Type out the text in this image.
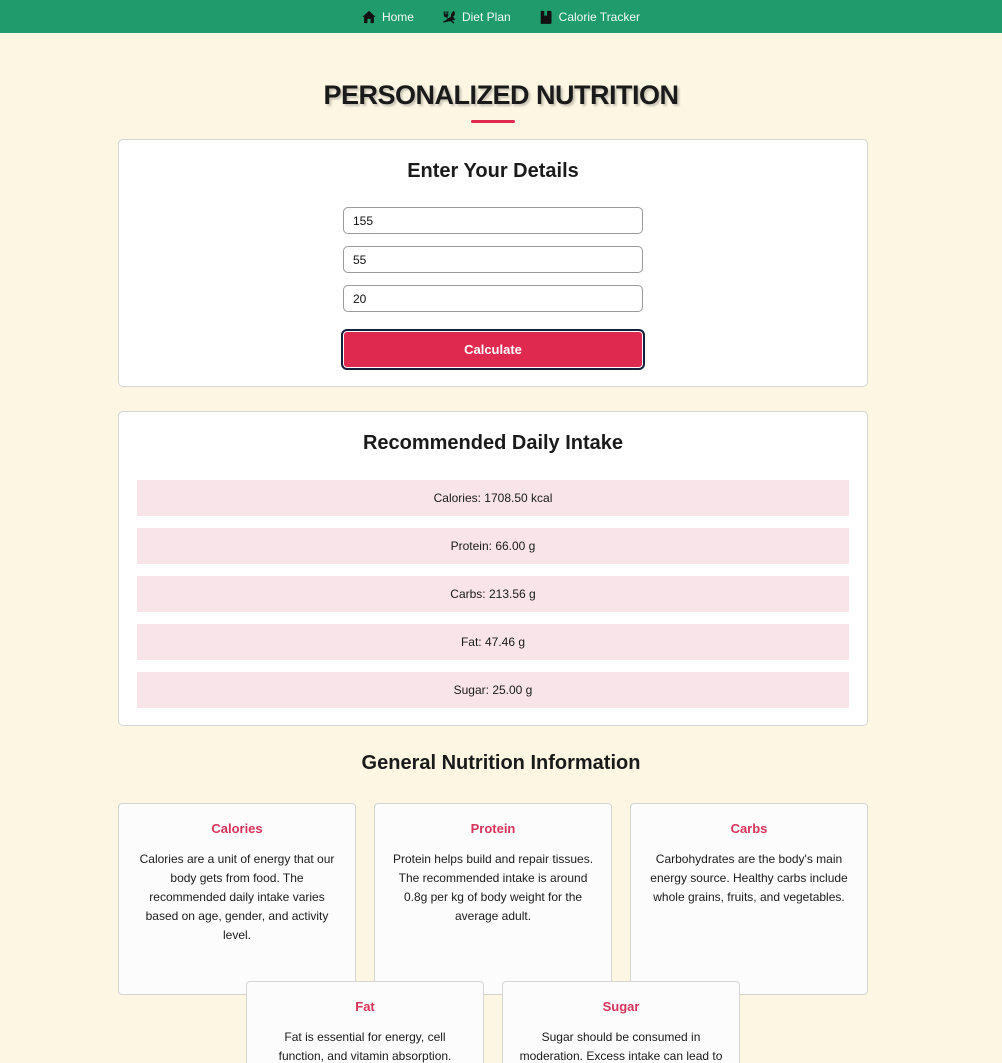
Home	Diet Plan	Calorie Tracker
PERSONALIZED NUTRITION
Enter Your Details
155
55
20
Calculate
Recommended Daily Intake
Calories: 1708.50 kcal
Protein: 66.00 g
Carbs: 213.56 g
Fat: 47.46 g
Sugar: 25.00 g
General Nutrition Information
Calories

Calories are a unit of energy that our body gets from food. The recommended daily intake varies based on age, gender, and activity level.

Protein

Protein helps build and repair tissues. The recommended intake is around 0.8g per kg of body weight for the average adult.

Carbs

Carbohydrates are the body's main energy source. Healthy carbs include whole grains, fruits, and vegetables.

Fat

Fat is essential for energy, cell function, and vitamin absorption.

Sugar

Sugar should be consumed in moderation. Excess intake can lead to
